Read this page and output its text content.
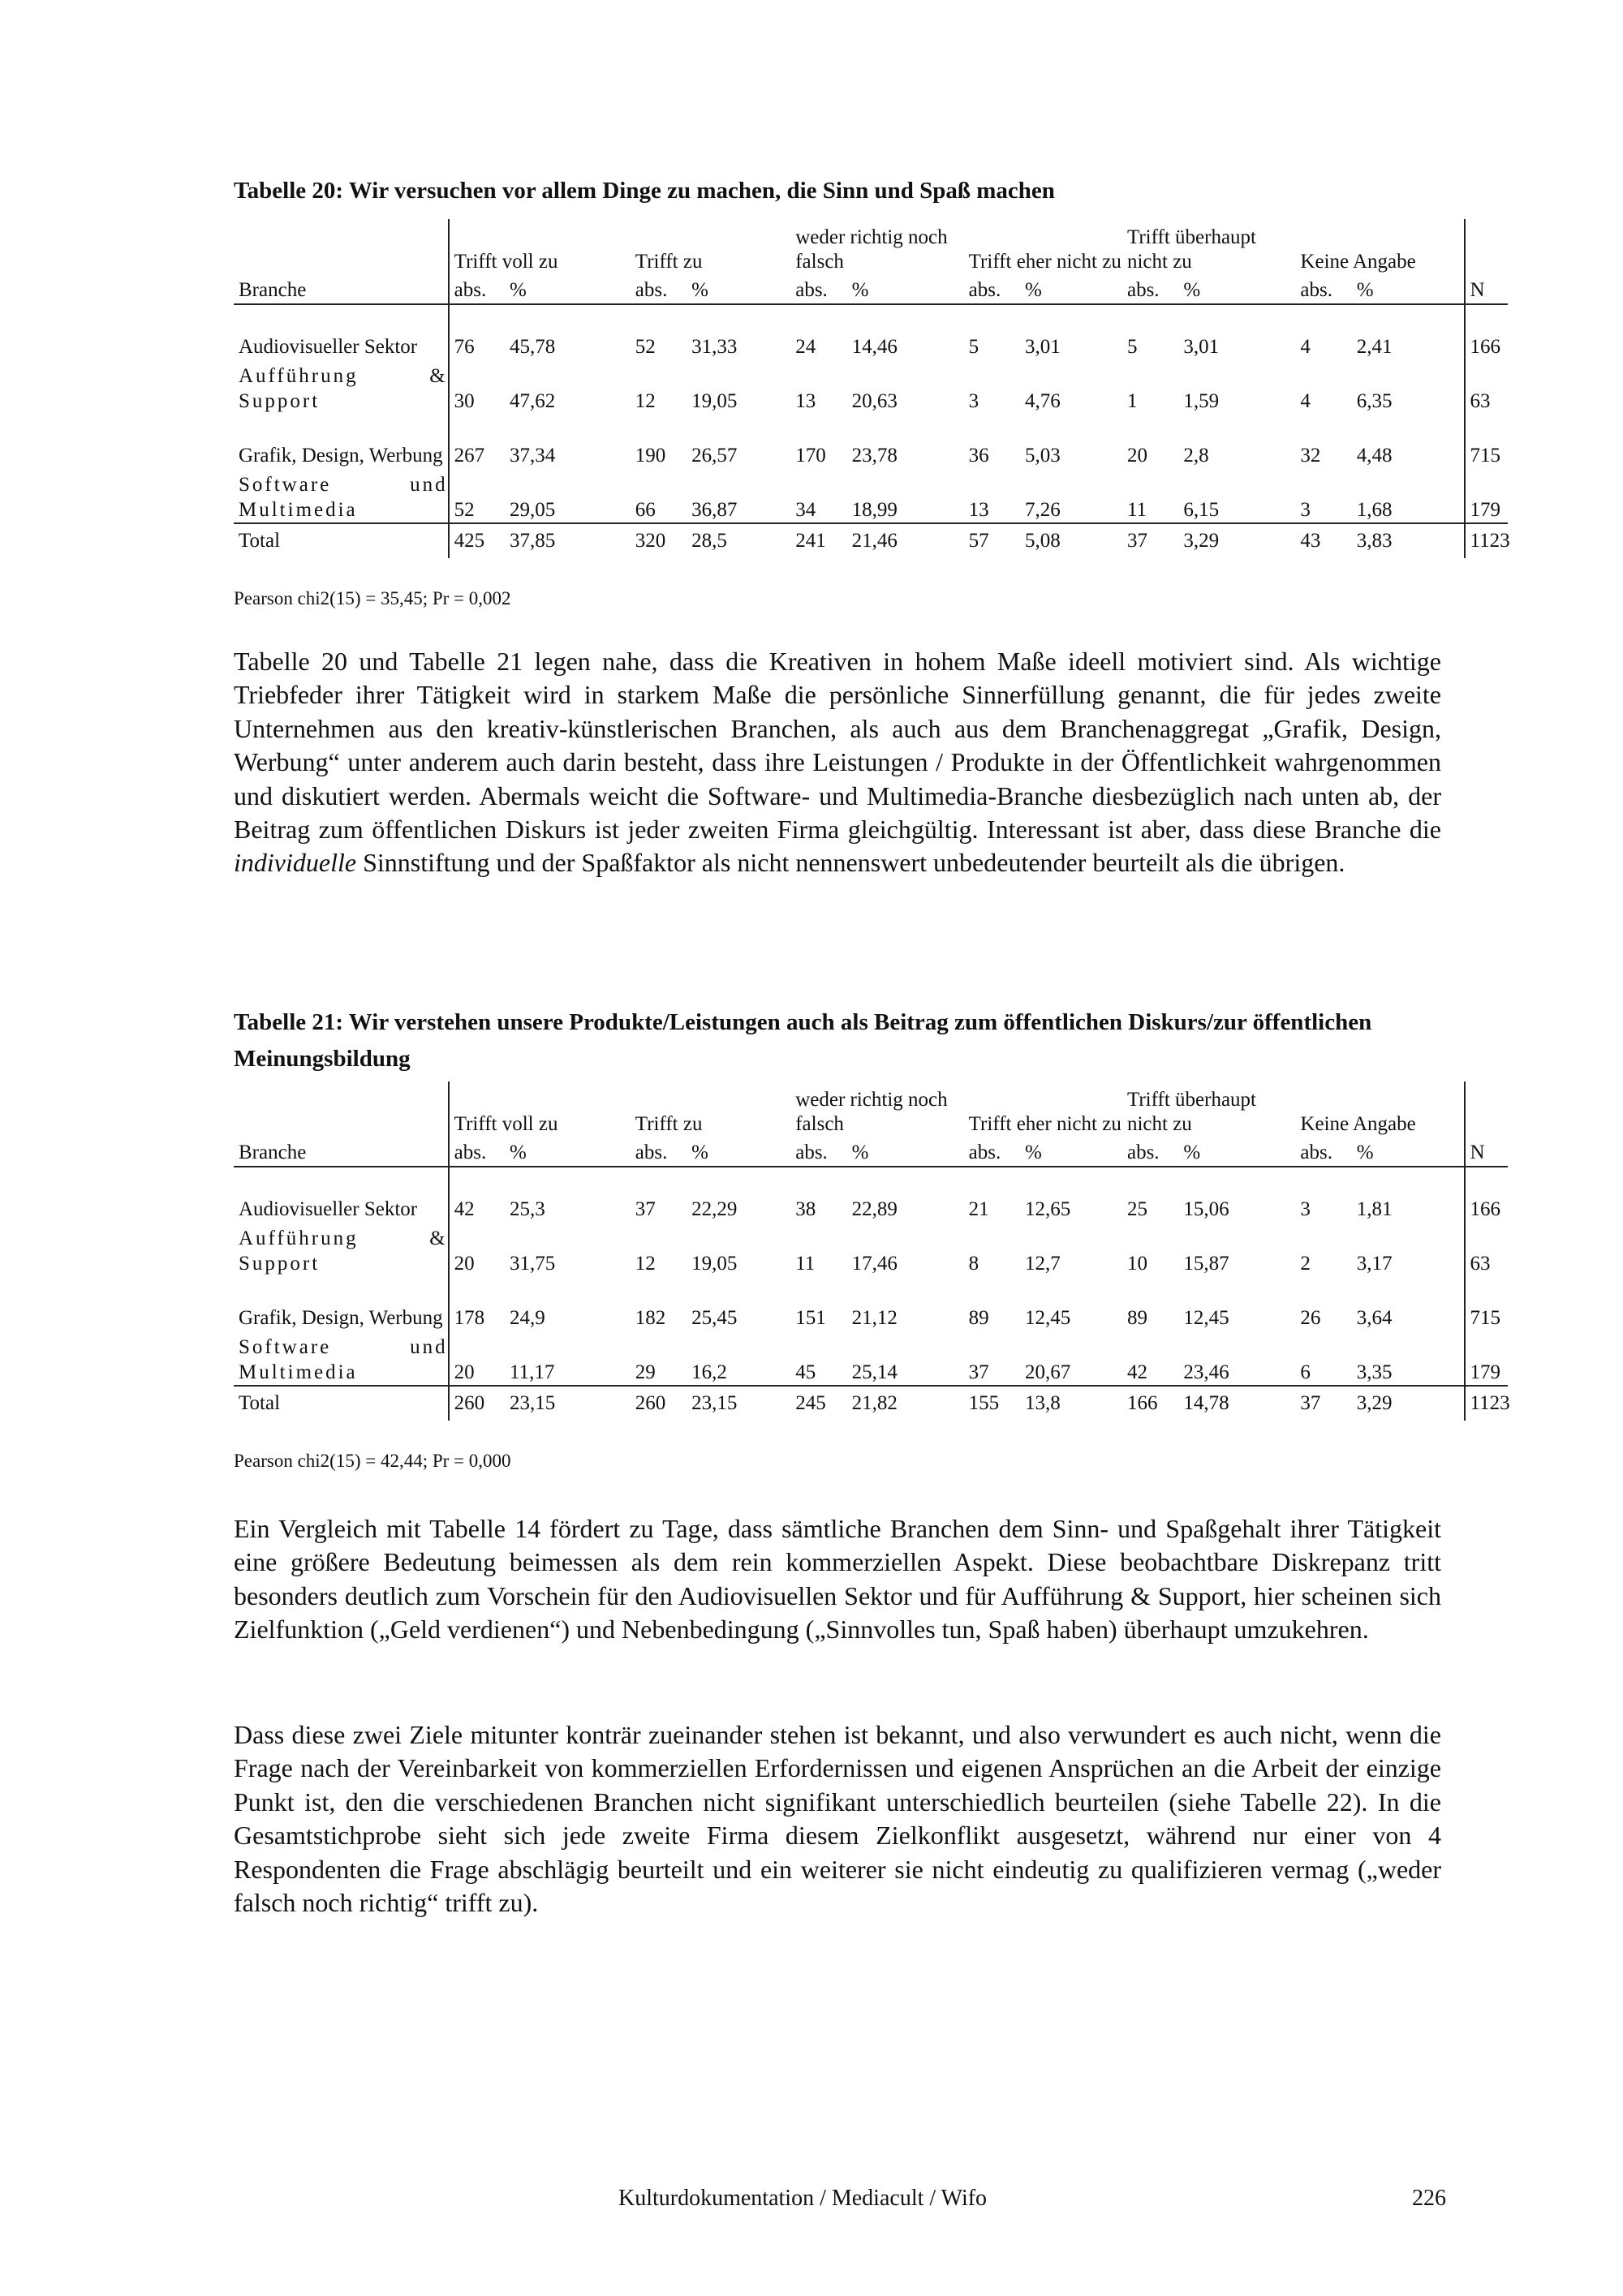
Tabelle 20: Wir versuchen vor allem Dinge zu machen, die Sinn und Spaß machen

	Trifft voll zu		Trifft zu		weder richtig noch falsch		Trifft eher nicht zu		Trifft überhaupt nicht zu		Keine Angabe		
Branche	abs.	%	abs.	%	abs.	%	abs.	%	abs.	%	abs.	%	N
Audiovisueller Sektor	76	45,78	52	31,33	24	14,46	5	3,01	5	3,01	4	2,41	166
Aufführung & Support	30	47,62	12	19,05	13	20,63	3	4,76	1	1,59	4	6,35	63
Grafik, Design, Werbung	267	37,34	190	26,57	170	23,78	36	5,03	20	2,8	32	4,48	715
Software und Multimedia	52	29,05	66	36,87	34	18,99	13	7,26	11	6,15	3	1,68	179
Total	425	37,85	320	28,5	241	21,46	57	5,08	37	3,29	43	3,83	1123

Pearson chi2(15) = 35,45; Pr = 0,002

Tabelle 20 und Tabelle 21 legen nahe, dass die Kreativen in hohem Maße ideell motiviert sind. Als wichtige Triebfeder ihrer Tätigkeit wird in starkem Maße die persönliche Sinnerfüllung genannt, die für jedes zweite Unternehmen aus den kreativ-künstlerischen Branchen, als auch aus dem Branchenaggregat „Grafik, Design, Werbung“ unter anderem auch darin besteht, dass ihre Leistungen / Produkte in der Öffentlichkeit wahrgenommen und diskutiert werden. Abermals weicht die Software- und Multimedia-Branche diesbezüglich nach unten ab, der Beitrag zum öffentlichen Diskurs ist jeder zweiten Firma gleichgültig. Interessant ist aber, dass diese Branche die individuelle Sinnstiftung und der Spaßfaktor als nicht nennenswert unbedeutender beurteilt als die übrigen.

Tabelle 21: Wir verstehen unsere Produkte/Leistungen auch als Beitrag zum öffentlichen Diskurs/zur öffentlichen Meinungsbildung

	Trifft voll zu		Trifft zu		weder richtig noch falsch		Trifft eher nicht zu		Trifft überhaupt nicht zu		Keine Angabe		
Branche	abs.	%	abs.	%	abs.	%	abs.	%	abs.	%	abs.	%	N
Audiovisueller Sektor	42	25,3	37	22,29	38	22,89	21	12,65	25	15,06	3	1,81	166
Aufführung & Support	20	31,75	12	19,05	11	17,46	8	12,7	10	15,87	2	3,17	63
Grafik, Design, Werbung	178	24,9	182	25,45	151	21,12	89	12,45	89	12,45	26	3,64	715
Software und Multimedia	20	11,17	29	16,2	45	25,14	37	20,67	42	23,46	6	3,35	179
Total	260	23,15	260	23,15	245	21,82	155	13,8	166	14,78	37	3,29	1123

Pearson chi2(15) = 42,44; Pr = 0,000

Ein Vergleich mit Tabelle 14 fördert zu Tage, dass sämtliche Branchen dem Sinn- und Spaßgehalt ihrer Tätigkeit eine größere Bedeutung beimessen als dem rein kommerziellen Aspekt. Diese beobachtbare Diskrepanz tritt besonders deutlich zum Vorschein für den Audiovisuellen Sektor und für Aufführung & Support, hier scheinen sich Zielfunktion („Geld verdienen“) und Nebenbedingung („Sinnvolles tun, Spaß haben) überhaupt umzukehren.

Dass diese zwei Ziele mitunter konträr zueinander stehen ist bekannt, und also verwundert es auch nicht, wenn die Frage nach der Vereinbarkeit von kommerziellen Erfordernissen und eigenen Ansprüchen an die Arbeit der einzige Punkt ist, den die verschiedenen Branchen nicht signifikant unterschiedlich beurteilen (siehe Tabelle 22). In die Gesamtstichprobe sieht sich jede zweite Firma diesem Zielkonflikt ausgesetzt, während nur einer von 4 Respondenten die Frage abschlägig beurteilt und ein weiterer sie nicht eindeutig zu qualifizieren vermag („weder falsch noch richtig“ trifft zu).

Kulturdokumentation / Mediacult / Wifo	226
